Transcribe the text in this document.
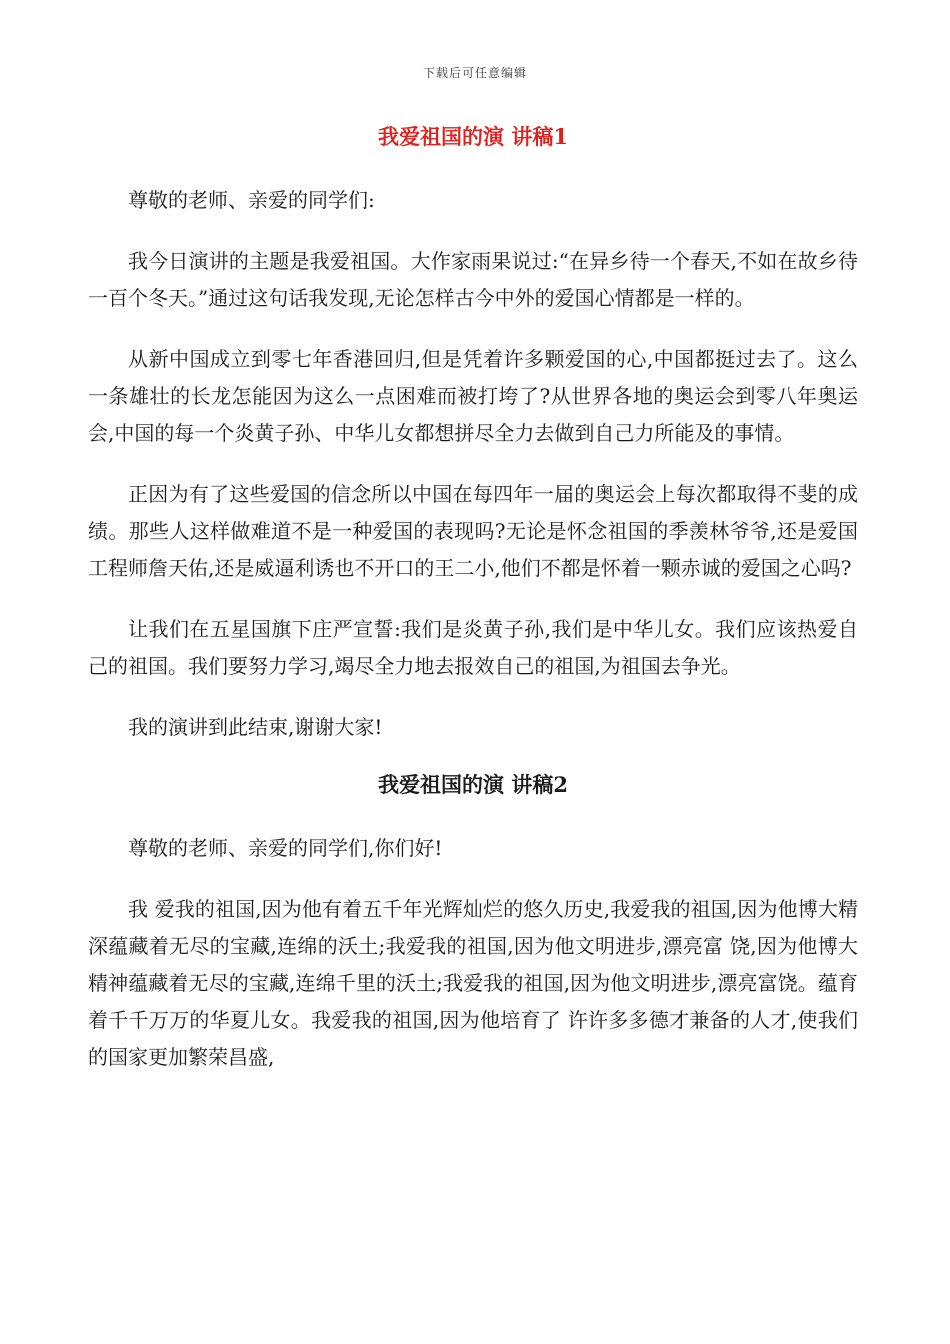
下载后可任意编辑
我爱祖国的演 讲稿1

尊敬的老师、亲爱的同学们:

我今日演讲的主题是我爱祖国。大作家雨果说过:“在异乡待一个春天,不如在故乡待一百个冬天。”通过这句话我发现,无论怎样古今中外的爱国心情都是一样的。

从新中国成立到零七年香港回归,但是凭着许多颗爱国的心,中国都挺过去了。这么一条雄壮的长龙怎能因为这么一点困难而被打垮了?从世界各地的奥运会到零八年奥运会,中国的每一个炎黄子孙、中华儿女都想拼尽全力去做到自己力所能及的事情。

正因为有了这些爱国的信念所以中国在每四年一届的奥运会上每次都取得不斐的成绩。那些人这样做难道不是一种爱国的表现吗?无论是怀念祖国的季羡林爷爷,还是爱国工程师詹天佑,还是威逼利诱也不开口的王二小,他们不都是怀着一颗赤诚的爱国之心吗?

让我们在五星国旗下庄严宣誓:我们是炎黄子孙,我们是中华儿女。我们应该热爱自己的祖国。我们要努力学习,竭尽全力地去报效自己的祖国,为祖国去争光。

我的演讲到此结束,谢谢大家!

我爱祖国的演 讲稿2

尊敬的老师、亲爱的同学们,你们好!

我 爱我的祖国,因为他有着五千年光辉灿烂的悠久历史,我爱我的祖国,因为他博大精深蕴藏着无尽的宝藏,连绵的沃土;我爱我的祖国,因为他文明进步,漂亮富 饶,因为他博大精神蕴藏着无尽的宝藏,连绵千里的沃土;我爱我的祖国,因为他文明进步,漂亮富饶。蕴育着千千万万的华夏儿女。我爱我的祖国,因为他培育了 许许多多德才兼备的人才,使我们的国家更加繁荣昌盛,
